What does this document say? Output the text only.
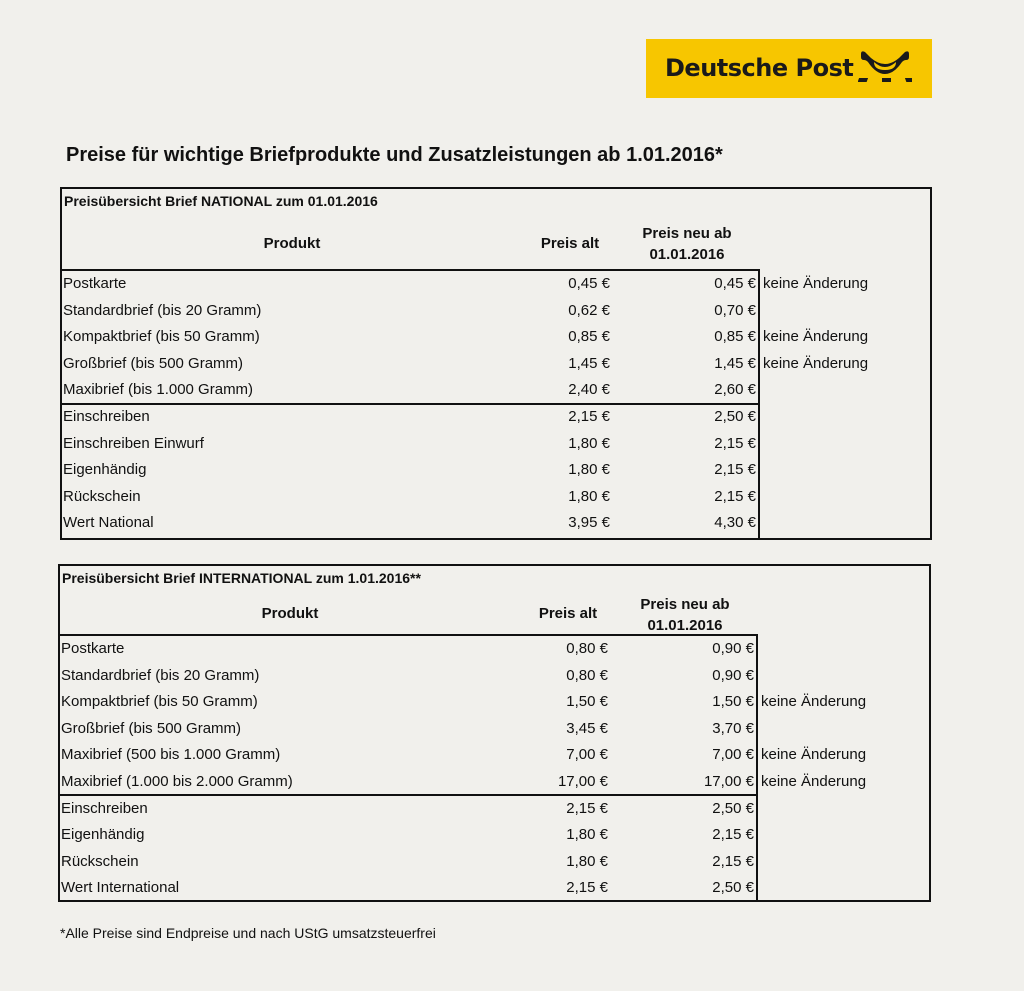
Deutsche Post
Preise für wichtige Briefprodukte und Zusatzleistungen ab 1.01.2016*
Preisübersicht Brief NATIONAL zum 01.01.2016
Produkt	Preis alt
Preis neu ab
01.01.2016
Postkarte	0,45 €	0,45 € keine Änderung
Standardbrief (bis 20 Gramm)	0,62 €	0,70 €
Kompaktbrief (bis 50 Gramm)	0,85 €	0,85 € keine Änderung
Großbrief (bis 500 Gramm)	1,45 €	1,45 € keine Änderung
Maxibrief (bis 1.000 Gramm)	2,40 €	2,60 €
Einschreiben	2,15 €	2,50 €
Einschreiben Einwurf	1,80 €	2,15 €
Eigenhändig	1,80 €	2,15 €
Rückschein	1,80 €	2,15 €
Wert National	3,95 €	4,30 €
Preisübersicht Brief INTERNATIONAL zum 1.01.2016**
Produkt	Preis alt
Preis neu ab
01.01.2016
Postkarte	0,80 €	0,90 €
Standardbrief (bis 20 Gramm)	0,80 €	0,90 €
Kompaktbrief (bis 50 Gramm)	1,50 €	1,50 € keine Änderung
Großbrief (bis 500 Gramm)	3,45 €	3,70 €
Maxibrief (500 bis 1.000 Gramm)	7,00 €	7,00 € keine Änderung
Maxibrief (1.000 bis 2.000 Gramm)	17,00 €	17,00 € keine Änderung
Einschreiben	2,15 €	2,50 €
Eigenhändig	1,80 €	2,15 €
Rückschein	1,80 €	2,15 €
Wert International	2,15 €	2,50 €
*Alle Preise sind Endpreise und nach UStG umsatzsteuerfrei
